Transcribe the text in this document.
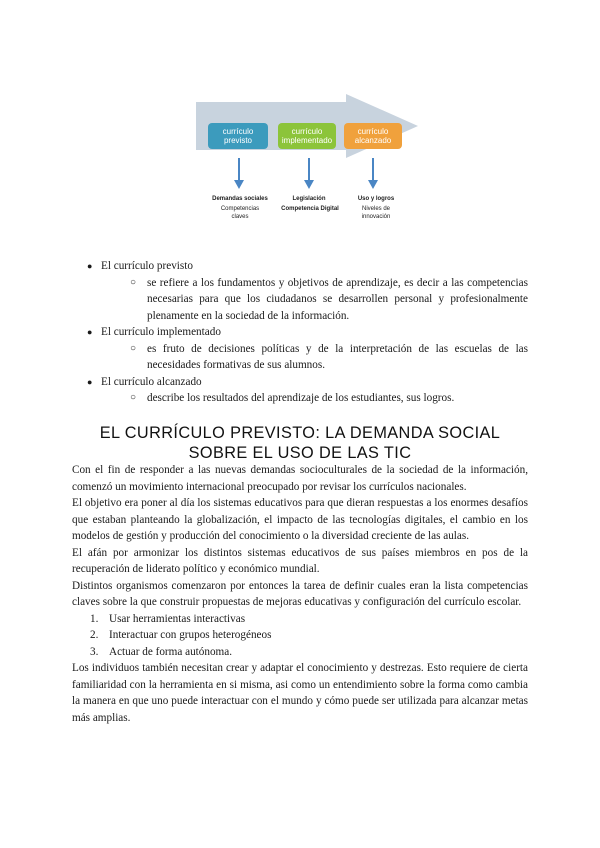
currículo
previsto
currículo
implementado
currículo
alcanzado
Demandas sociales
Competencias
claves
Legislación
Competencia Digital
Uso y logros
Niveles de
innovación
● El currículo previsto
○ se refiere a los fundamentos y objetivos de aprendizaje, es decir a las competencias necesarias para que los ciudadanos se desarrollen personal y profesionalmente plenamente en la sociedad de la información.
● El currículo implementado
○ es fruto de decisiones políticas y de la interpretación de las escuelas de las necesidades formativas de sus alumnos.
● El currículo alcanzado
○ describe los resultados del aprendizaje de los estudiantes, sus logros.
EL CURRÍCULO PREVISTO: LA DEMANDA SOCIAL
SOBRE EL USO DE LAS TIC

Con el fin de responder a las nuevas demandas socioculturales de la sociedad de la información, comenzó un movimiento internacional preocupado por revisar los currículos nacionales.

El objetivo era poner al día los sistemas educativos para que dieran respuestas a los enormes desafíos que estaban planteando la globalización, el impacto de las tecnologías digitales, el cambio en los modelos de gestión y producción del conocimiento o la diversidad creciente de las aulas.

El afán por armonizar los distintos sistemas educativos de sus países miembros en pos de la recuperación de liderato político y económico mundial.

Distintos organismos comenzaron por entonces la tarea de definir cuales eran la lista competencias claves sobre la que construir propuestas de mejoras educativas y configuración del currículo escolar.

1. Usar herramientas interactivas
2. Interactuar con grupos heterogéneos
3. Actuar de forma autónoma.

Los individuos también necesitan crear y adaptar el conocimiento y destrezas. Esto requiere de cierta familiaridad con la herramienta en si misma, asi como un entendimiento sobre la forma como cambia la manera en que uno puede interactuar con el mundo y cómo puede ser utilizada para alcanzar metas más amplias.
